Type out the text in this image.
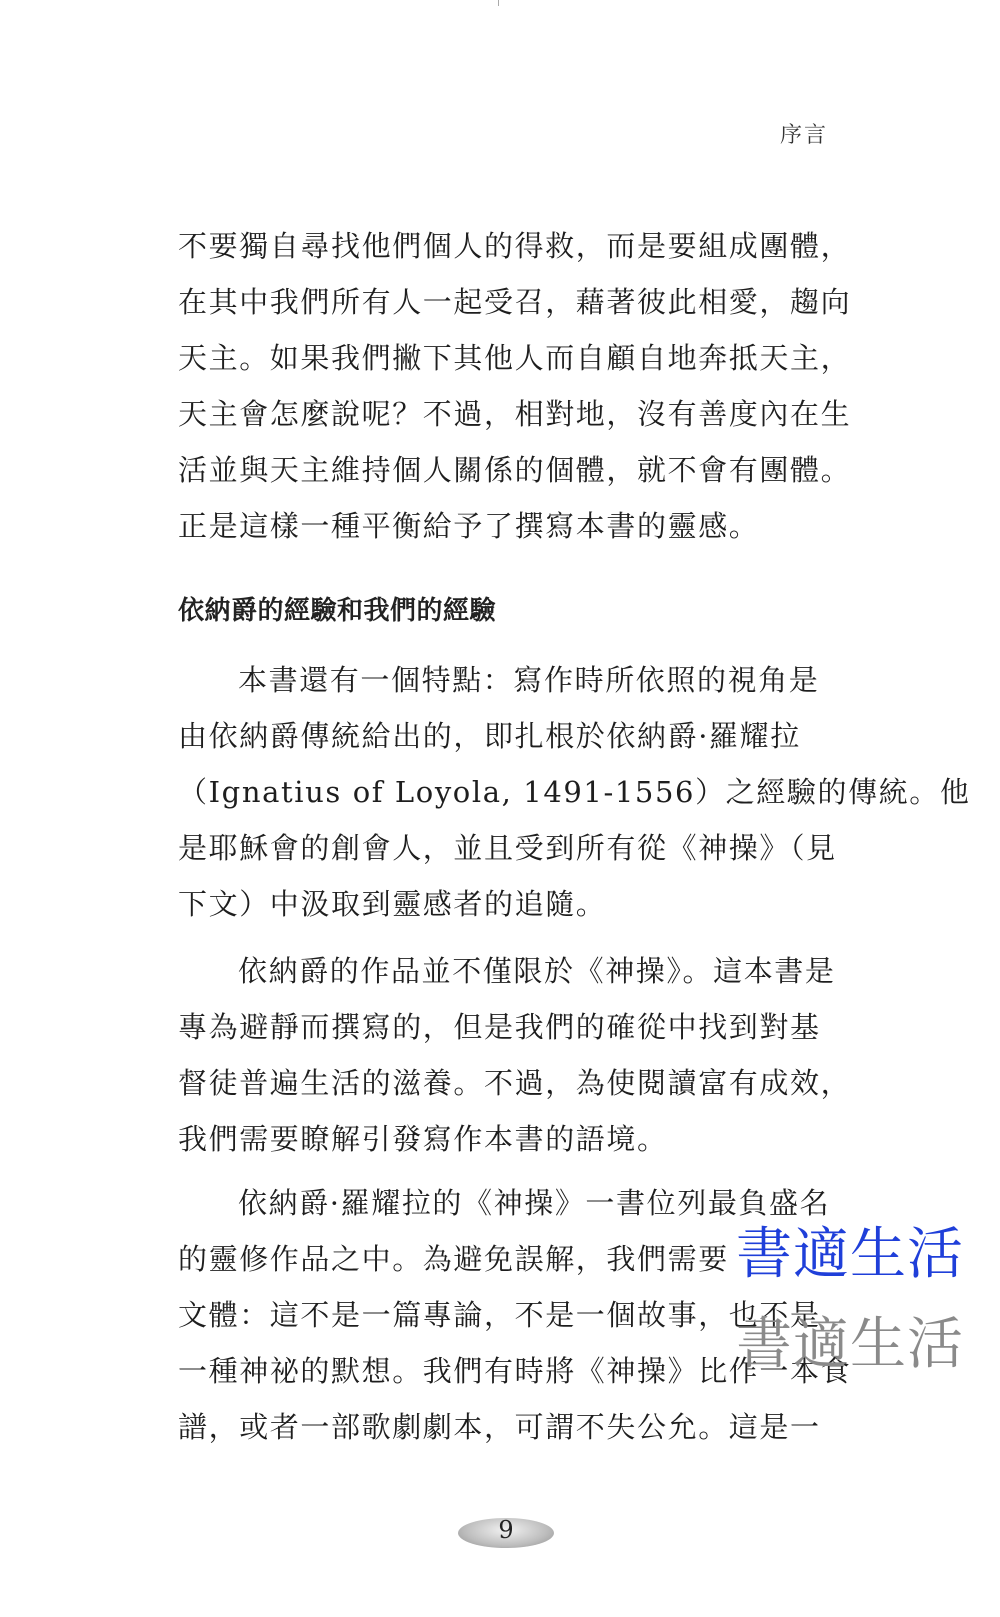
序言
不要獨自尋找他們個人的得救，而是要組成團體，
在其中我們所有人一起受召，藉著彼此相愛，趨向
天主。如果我們撇下其他人而自顧自地奔抵天主，
天主會怎麼說呢？不過，相對地，沒有善度內在生
活並與天主維持個人關係的個體，就不會有團體。
正是這樣一種平衡給予了撰寫本書的靈感。
依納爵的經驗和我們的經驗
本書還有一個特點：寫作時所依照的視角是
由依納爵傳統給出的，即扎根於依納爵·羅耀拉
（Ignatius of Loyola, 1491-1556）之經驗的傳統。他
是耶穌會的創會人，並且受到所有從《神操》（見
下文）中汲取到靈感者的追隨。
依納爵的作品並不僅限於《神操》。這本書是
專為避靜而撰寫的，但是我們的確從中找到對基
督徒普遍生活的滋養。不過，為使閱讀富有成效，
我們需要瞭解引發寫作本書的語境。
依納爵·羅耀拉的《神操》一書位列最負盛名
的靈修作品之中。為避免誤解，我們需要
文體：這不是一篇專論，不是一個故事，也不是
一種神祕的默想。我們有時將《神操》比作一本食
譜，或者一部歌劇劇本，可謂不失公允。這是一
書適生活
書適生活
9
